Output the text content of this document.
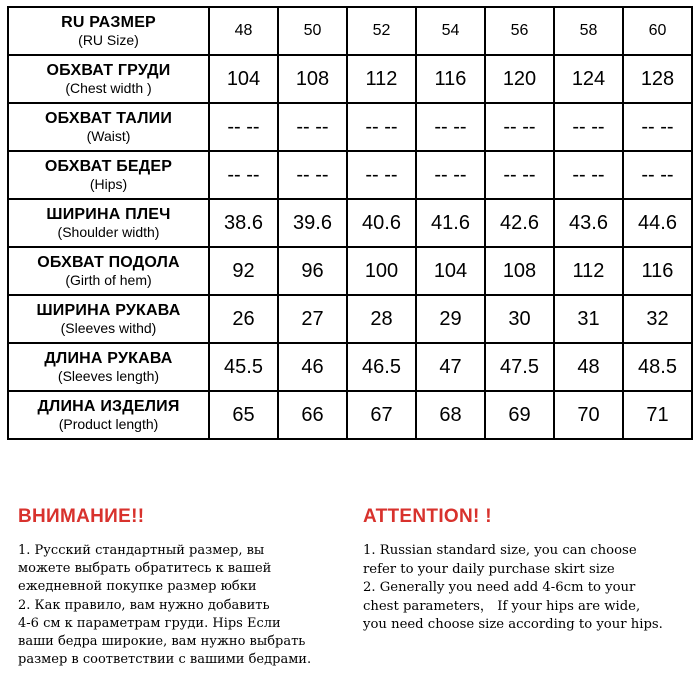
RU РАЗМЕР
(RU Size)	48	50	52	54	56	58	60

ОБХВАТ ГРУДИ
(Chest width )	104	108	112	116	120	124	128

ОБХВАТ ТАЛИИ
(Waist)	-- --	-- --	-- --	-- --	-- --	-- --	-- --

ОБХВАТ БЕДЕР
(Hips)	-- --	-- --	-- --	-- --	-- --	-- --	-- --

ШИРИНА ПЛЕЧ
(Shoulder width)	38.6	39.6	40.6	41.6	42.6	43.6	44.6

ОБХВАТ ПОДОЛА
(Girth of hem)	92	96	100	104	108	112	116

ШИРИНА РУКАВА
(Sleeves withd)	26	27	28	29	30	31	32

ДЛИНА РУКАВА
(Sleeves length)	45.5	46	46.5	47	47.5	48	48.5

ДЛИНА ИЗДЕЛИЯ
(Product length)	65	66	67	68	69	70	71
ВНИМАНИЕ!!

1. Русский стандартный размер, вы
можете выбрать обратитесь к вашей
ежедневной покупке размер юбки
2. Как правило, вам нужно добавить
4-6 см к параметрам груди. Hips Если
ваши бедра широкие, вам нужно выбрать
размер в соответствии с вашими бедрами.

ATTENTION! !

1. Russian standard size, you can choose
refer to your daily purchase skirt size
2. Generally you need add 4-6cm to your
chest parameters， If your hips are wide,
you need choose size according to your hips.
